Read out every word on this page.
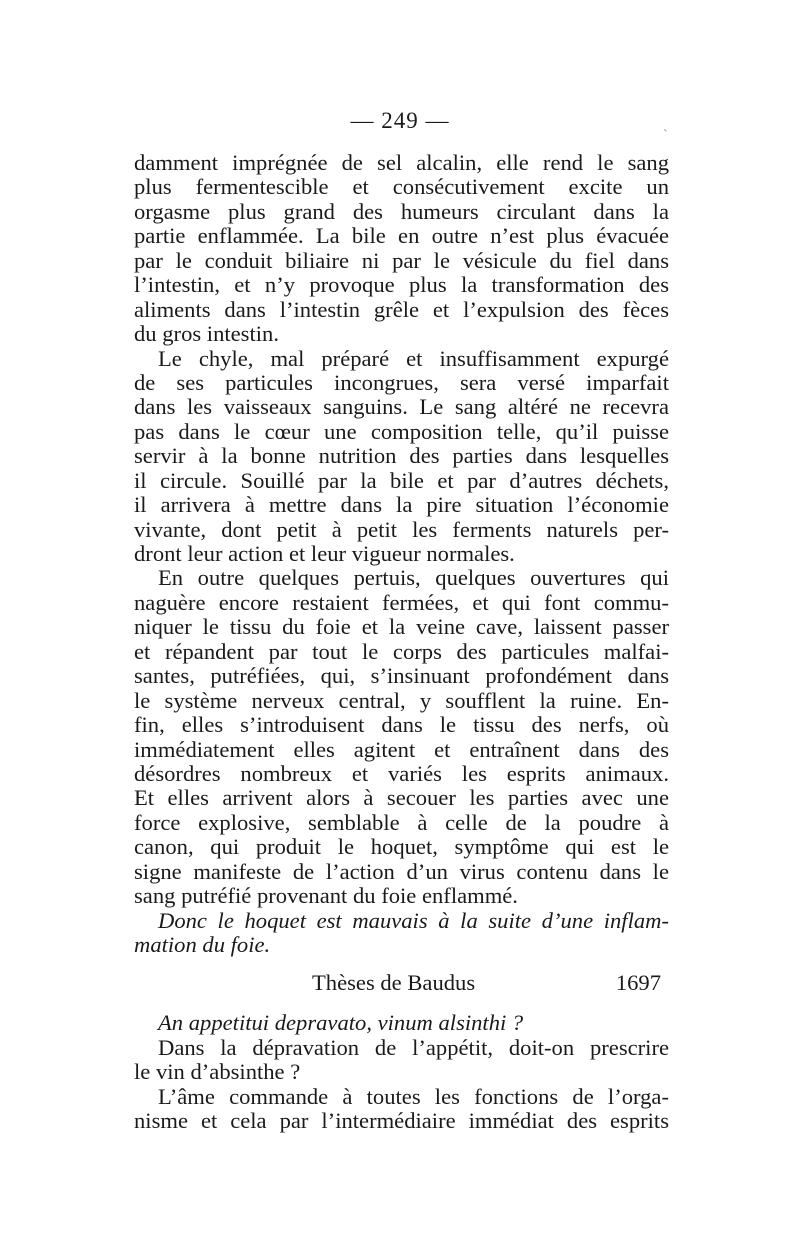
`
— 249 —
damment imprégnée de sel alcalin, elle rend le sang
plus fermentescible et consécutivement excite un
orgasme plus grand des humeurs circulant dans la
partie enflammée. La bile en outre n’est plus évacuée
par le conduit biliaire ni par le vésicule du fiel dans
l’intestin, et n’y provoque plus la transformation des
aliments dans l’intestin grêle et l’expulsion des fèces
du gros intestin.
Le chyle, mal préparé et insuffisamment expurgé
de ses particules incongrues, sera versé imparfait
dans les vaisseaux sanguins. Le sang altéré ne recevra
pas dans le cœur une composition telle, qu’il puisse
servir à la bonne nutrition des parties dans lesquelles
il circule. Souillé par la bile et par d’autres déchets,
il arrivera à mettre dans la pire situation l’économie
vivante, dont petit à petit les ferments naturels per-
dront leur action et leur vigueur normales.
En outre quelques pertuis, quelques ouvertures qui
naguère encore restaient fermées, et qui font commu-
niquer le tissu du foie et la veine cave, laissent passer
et répandent par tout le corps des particules malfai-
santes, putréfiées, qui, s’insinuant profondément dans
le système nerveux central, y soufflent la ruine. En-
fin, elles s’introduisent dans le tissu des nerfs, où
immédiatement elles agitent et entraînent dans des
désordres nombreux et variés les esprits animaux.
Et elles arrivent alors à secouer les parties avec une
force explosive, semblable à celle de la poudre à
canon, qui produit le hoquet, symptôme qui est le
signe manifeste de l’action d’un virus contenu dans le
sang putréfié provenant du foie enflammé.
Donc le hoquet est mauvais à la suite d’une inflam-
mation du foie.
Thèses de Baudus	1697
An appetitui depravato, vinum alsinthi ?
Dans la dépravation de l’appétit, doit-on prescrire
le vin d’absinthe ?
L’âme commande à toutes les fonctions de l’orga-
nisme et cela par l’intermédiaire immédiat des esprits
